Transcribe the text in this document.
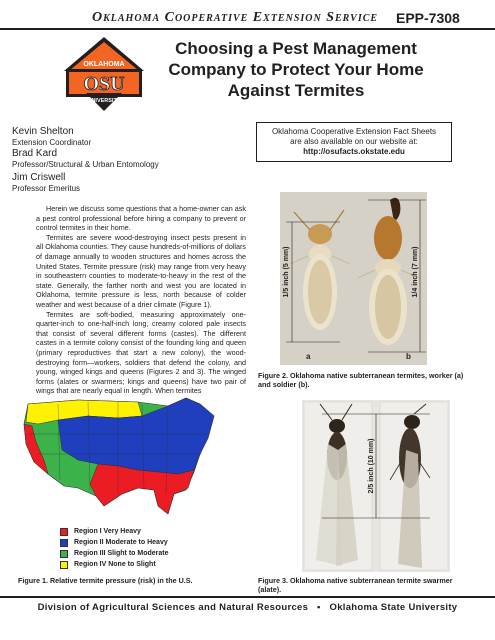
Oklahoma Cooperative Extension Service EPP-7308
OKLAHOMA
OSU
UNIVERSITY
Choosing a Pest Management
Company to Protect Your Home
Against Termites
Kevin Shelton
Extension Coordinator
Brad Kard
Professor/Structural & Urban Entomology
Jim Criswell
Professor Emeritus
Oklahoma Cooperative Extension Fact Sheets
are also available on our website at:
http://osufacts.okstate.edu

Herein we discuss some questions that a home-owner can ask a pest control professional before hiring a company to prevent or control termites in their home.

Termites are severe wood-destroying insect pests present in all Oklahoma counties. They cause hundreds-of-millions of dollars of damage annually to wooden structures and homes across the United States. Termite pressure (risk) may range from very heavy in southeastern counties to moderate-to-heavy in the rest of the state. Generally, the farther north and west you are located in Oklahoma, termite pressure is less, north because of colder weather and west because of a drier climate (Figure 1).

Termites are soft-bodied, measuring approximately one-quarter-inch to one-half-inch long, creamy colored pale insects that consist of several different forms (castes). The different castes in a termite colony consist of the founding king and queen (primary reproductives that start a new colony), the wood-destroying form—workers, soldiers that defend the colony, and young, winged kings and queens (Figures 2 and 3). The winged forms (alates or swarmers; kings and queens) have two pair of wings that are nearly equal in length. When termites

1/5 inch (5 mm)	1/4 inch (7 mm)
a	b
Figure 2. Oklahoma native subterranean termites, worker (a) and soldier (b).
Region I Very Heavy
Region II Moderate to Heavy
Region III Slight to Moderate
Region IV None to Slight
Figure 1. Relative termite pressure (risk) in the U.S.
2/5 inch (10 mm)
Figure 3. Oklahoma native subterranean termite swarmer (alate).
Division of Agricultural Sciences and Natural Resources • Oklahoma State University
